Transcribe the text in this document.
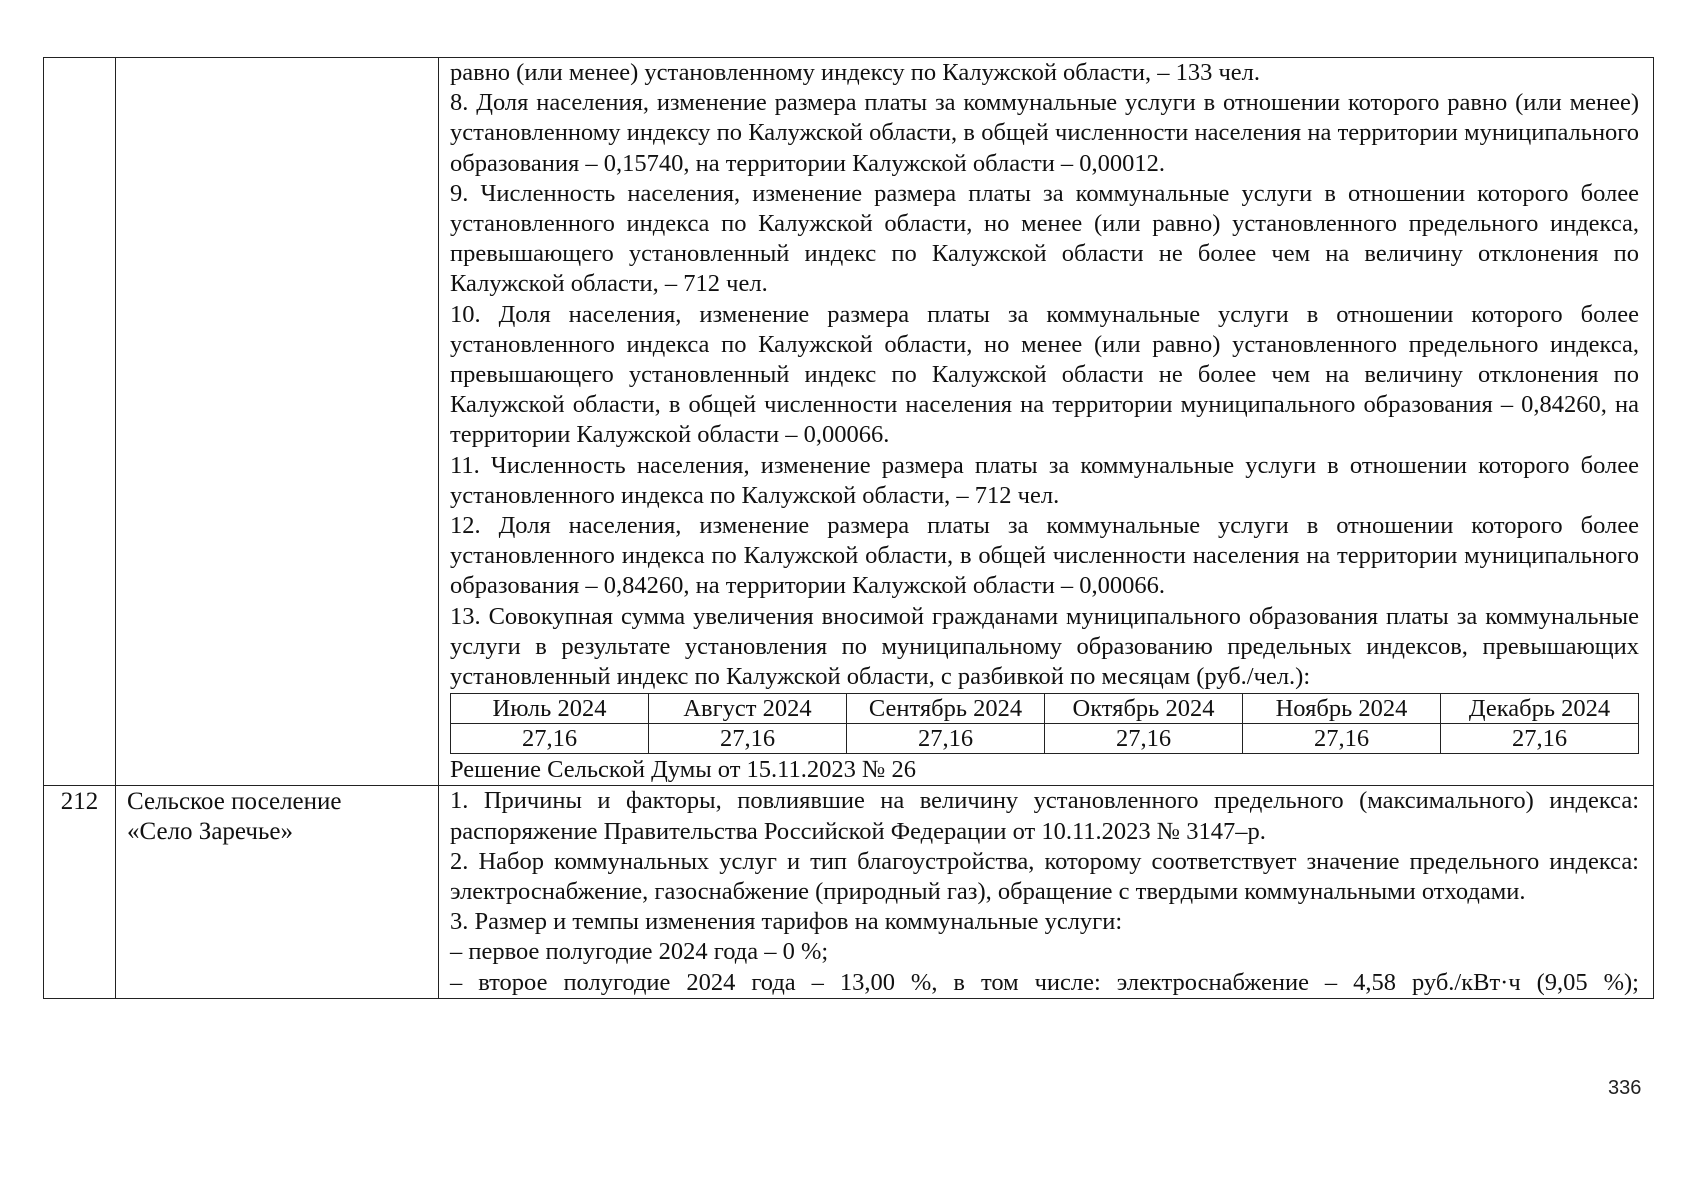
равно (или менее) установленному индексу по Калужской области, – 133 чел.

8. Доля населения, изменение размера платы за коммунальные услуги в отношении которого равно (или менее) установленному индексу по Калужской области, в общей численности населения на территории муниципального образования – 0,15740, на территории Калужской области – 0,00012.

9. Численность населения, изменение размера платы за коммунальные услуги в отношении которого более установленного индекса по Калужской области, но менее (или равно) установленного предельного индекса, превышающего установленный индекс по Калужской области не более чем на величину отклонения по Калужской области, – 712 чел.

10. Доля населения, изменение размера платы за коммунальные услуги в отношении которого более установленного индекса по Калужской области, но менее (или равно) установленного предельного индекса, превышающего установленный индекс по Калужской области не более чем на величину отклонения по Калужской области, в общей численности населения на территории муниципального образования – 0,84260, на территории Калужской области – 0,00066.

11. Численность населения, изменение размера платы за коммунальные услуги в отношении которого более установленного индекса по Калужской области, – 712 чел.

12. Доля населения, изменение размера платы за коммунальные услуги в отношении которого более установленного индекса по Калужской области, в общей численности населения на территории муниципального образования – 0,84260, на территории Калужской области – 0,00066.

13. Совокупная сумма увеличения вносимой гражданами муниципального образования платы за коммунальные услуги в результате установления по муниципальному образованию предельных индексов, превышающих установленный индекс по Калужской области, с разбивкой по месяцам (руб./чел.):

Июль 2024	Август 2024	Сентябрь 2024	Октябрь 2024	Ноябрь 2024	Декабрь 2024
27,16	27,16	27,16	27,16	27,16	27,16

Решение Сельской Думы от 15.11.2023 № 26

212	Сельское поселение
«Село Заречье»

1. Причины и факторы, повлиявшие на величину установленного предельного (максимального) индекса: распоряжение Правительства Российской Федерации от 10.11.2023 № 3147–р.

2. Набор коммунальных услуг и тип благоустройства, которому соответствует значение предельного индекса: электроснабжение, газоснабжение (природный газ), обращение с твердыми коммунальными отходами.

3. Размер и темпы изменения тарифов на коммунальные услуги:

– первое полугодие 2024 года – 0 %;

– второе полугодие 2024 года – 13,00 %, в том числе: электроснабжение – 4,58 руб./кВт·ч (9,05 %);

336
